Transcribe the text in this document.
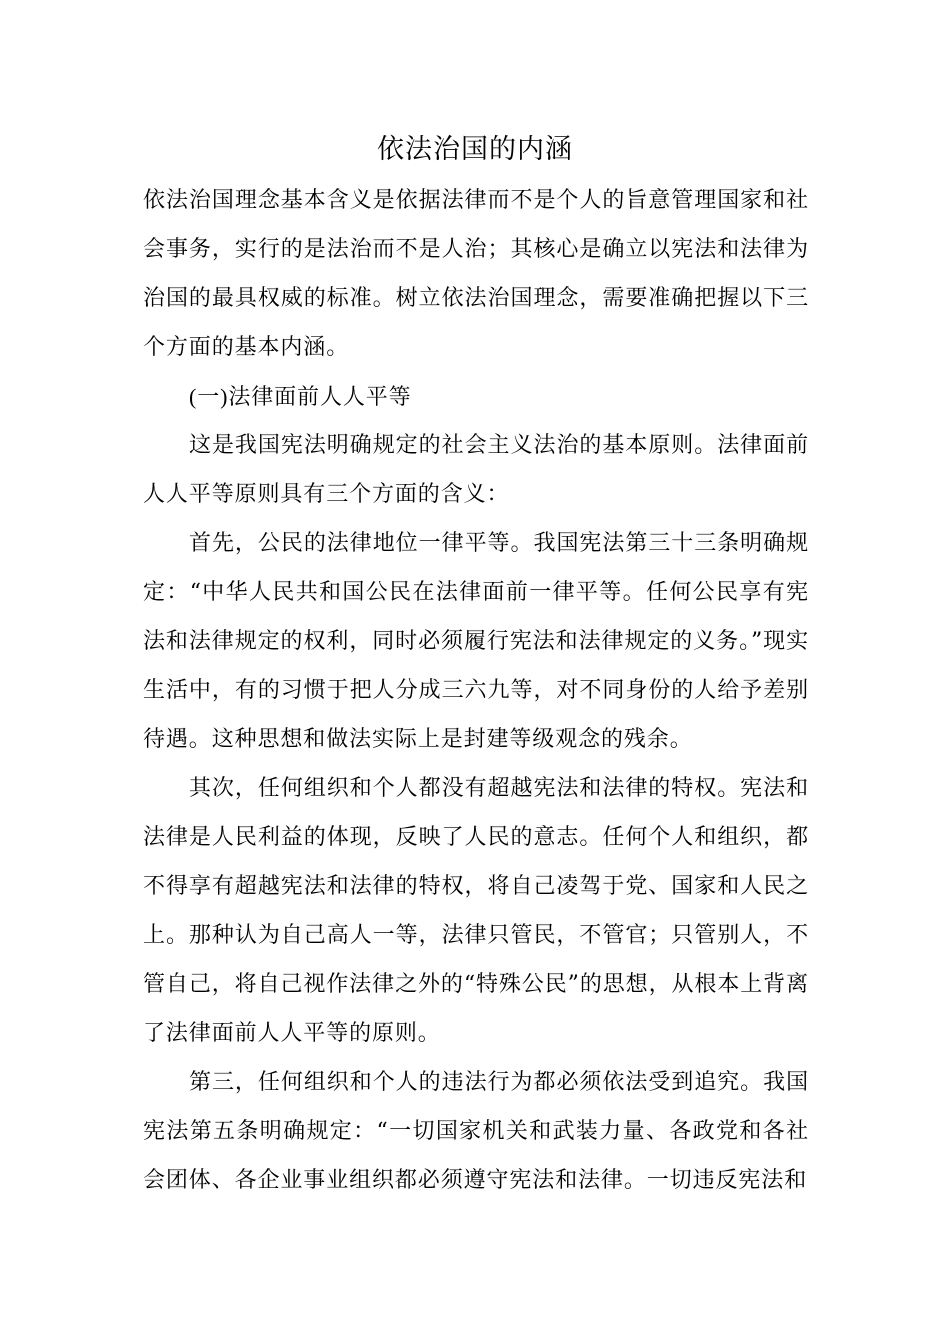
依法治国的内涵

依法治国理念基本含义是依据法律而不是个人的旨意管理国家和社会事务，实行的是法治而不是人治；其核心是确立以宪法和法律为治国的最具权威的标准。树立依法治国理念，需要准确把握以下三个方面的基本内涵。

(一)法律面前人人平等

这是我国宪法明确规定的社会主义法治的基本原则。法律面前人人平等原则具有三个方面的含义：

首先，公民的法律地位一律平等。我国宪法第三十三条明确规定：“中华人民共和国公民在法律面前一律平等。任何公民享有宪法和法律规定的权利，同时必须履行宪法和法律规定的义务。”现实生活中，有的习惯于把人分成三六九等，对不同身份的人给予差别待遇。这种思想和做法实际上是封建等级观念的残余。

其次，任何组织和个人都没有超越宪法和法律的特权。宪法和法律是人民利益的体现，反映了人民的意志。任何个人和组织，都不得享有超越宪法和法律的特权，将自己凌驾于党、国家和人民之上。那种认为自己高人一等，法律只管民，不管官；只管别人，不管自己，将自己视作法律之外的“特殊公民”的思想，从根本上背离了法律面前人人平等的原则。

第三，任何组织和个人的违法行为都必须依法受到追究。我国宪法第五条明确规定：“一切国家机关和武装力量、各政党和各社会团体、各企业事业组织都必须遵守宪法和法律。一切违反宪法和
